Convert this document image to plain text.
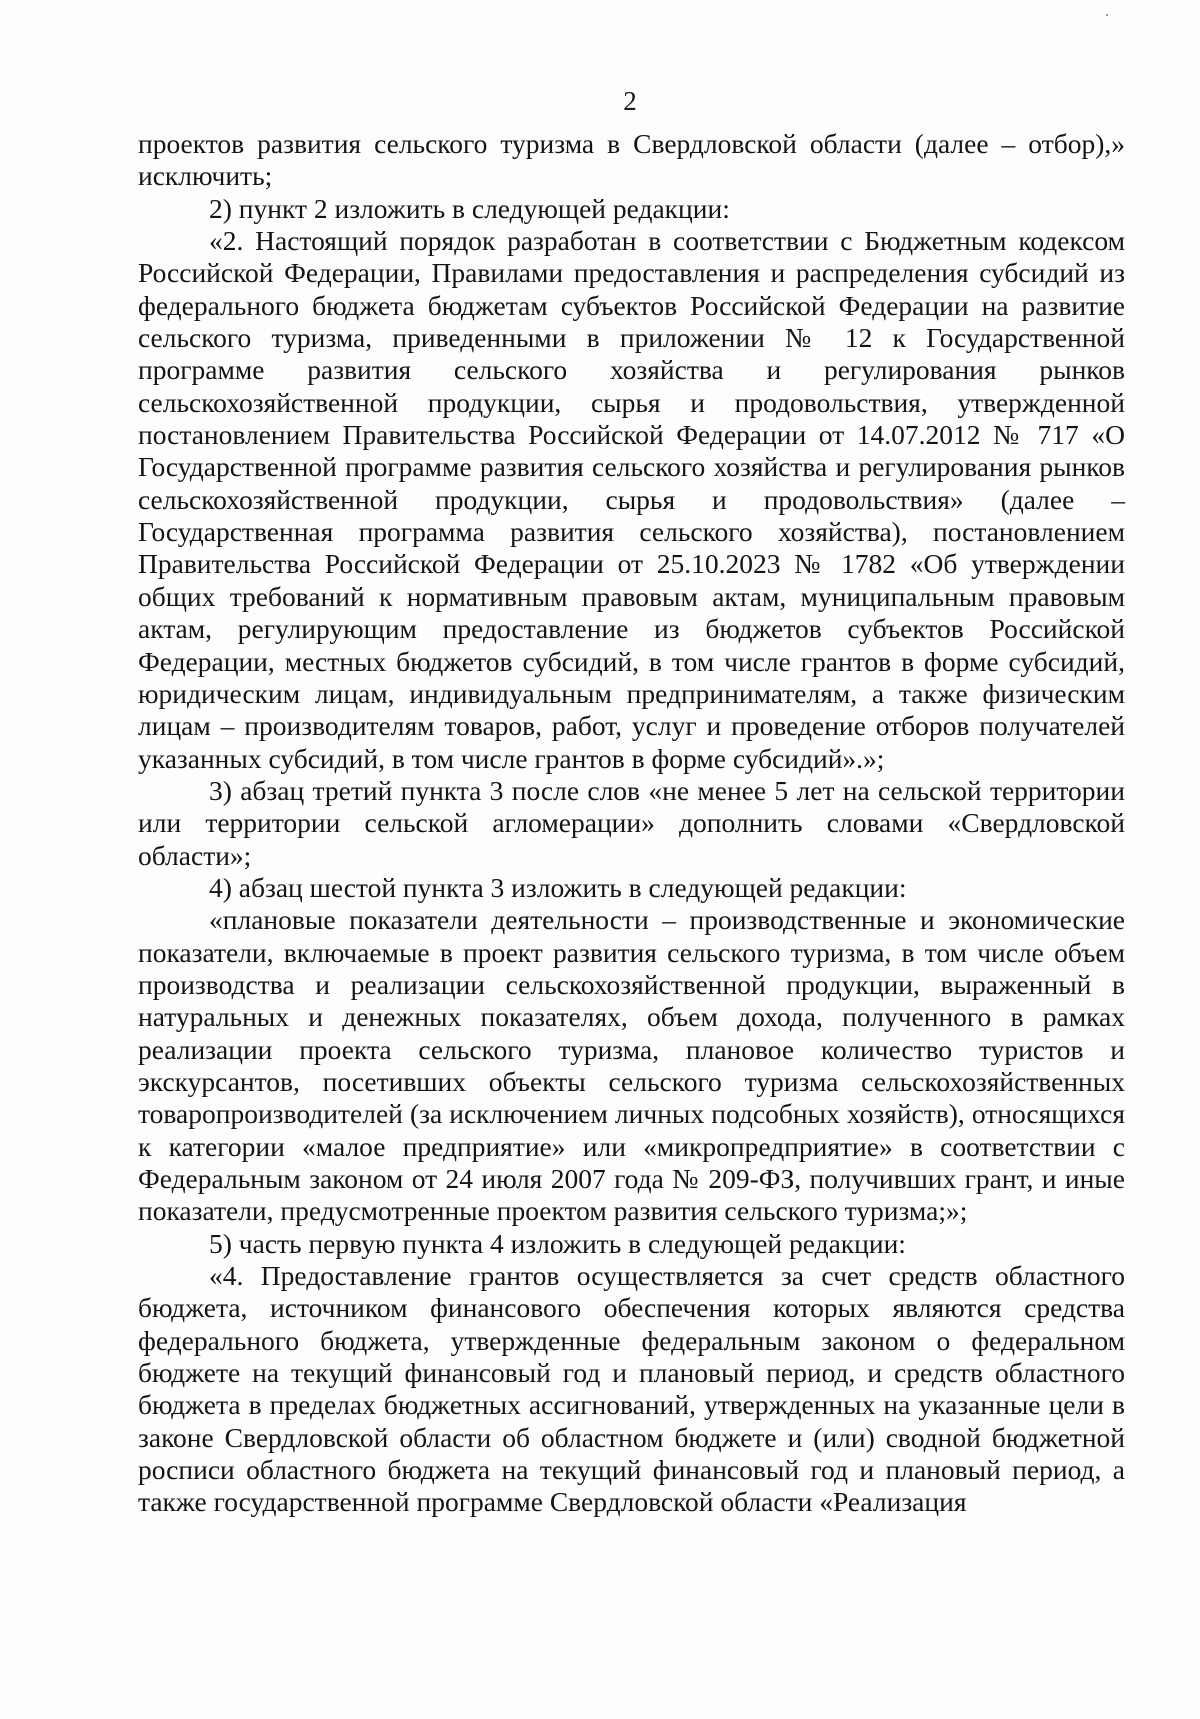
2

проектов развития сельского туризма в Свердловской области (далее – отбор),» исключить;

2) пункт 2 изложить в следующей редакции:

«2. Настоящий порядок разработан в соответствии с Бюджетным кодексом Российской Федерации, Правилами предоставления и распределения субсидий из федерального бюджета бюджетам субъектов Российской Федерации на развитие сельского туризма, приведенными в приложении № 12 к Государственной программе развития сельского хозяйства и регулирования рынков сельскохозяйственной продукции, сырья и продовольствия, утвержденной постановлением Правительства Российской Федерации от 14.07.2012 № 717 «О Государственной программе развития сельского хозяйства и регулирования рынков сельскохозяйственной продукции, сырья и продовольствия» (далее – Государственная программа развития сельского хозяйства), постановлением Правительства Российской Федерации от 25.10.2023 № 1782 «Об утверждении общих требований к нормативным правовым актам, муниципальным правовым актам, регулирующим предоставление из бюджетов субъектов Российской Федерации, местных бюджетов субсидий, в том числе грантов в форме субсидий, юридическим лицам, индивидуальным предпринимателям, а также физическим лицам – производителям товаров, работ, услуг и проведение отборов получателей указанных субсидий, в том числе грантов в форме субсидий».»;

3) абзац третий пункта 3 после слов «не менее 5 лет на сельской территории или территории сельской агломерации» дополнить словами «Свердловской области»;

4) абзац шестой пункта 3 изложить в следующей редакции:

«плановые показатели деятельности – производственные и экономические показатели, включаемые в проект развития сельского туризма, в том числе объем производства и реализации сельскохозяйственной продукции, выраженный в натуральных и денежных показателях, объем дохода, полученного в рамках реализации проекта сельского туризма, плановое количество туристов и экскурсантов, посетивших объекты сельского туризма сельскохозяйственных товаропроизводителей (за исключением личных подсобных хозяйств), относящихся к категории «малое предприятие» или «микропредприятие» в соответствии с Федеральным законом от 24 июля 2007 года № 209-ФЗ, получивших грант, и иные показатели, предусмотренные проектом развития сельского туризма;»;

5) часть первую пункта 4 изложить в следующей редакции:

«4. Предоставление грантов осуществляется за счет средств областного бюджета, источником финансового обеспечения которых являются средства федерального бюджета, утвержденные федеральным законом о федеральном бюджете на текущий финансовый год и плановый период, и средств областного бюджета в пределах бюджетных ассигнований, утвержденных на указанные цели в законе Свердловской области об областном бюджете и (или) сводной бюджетной росписи областного бюджета на текущий финансовый год и плановый период, а также государственной программе Свердловской области «Реализация
